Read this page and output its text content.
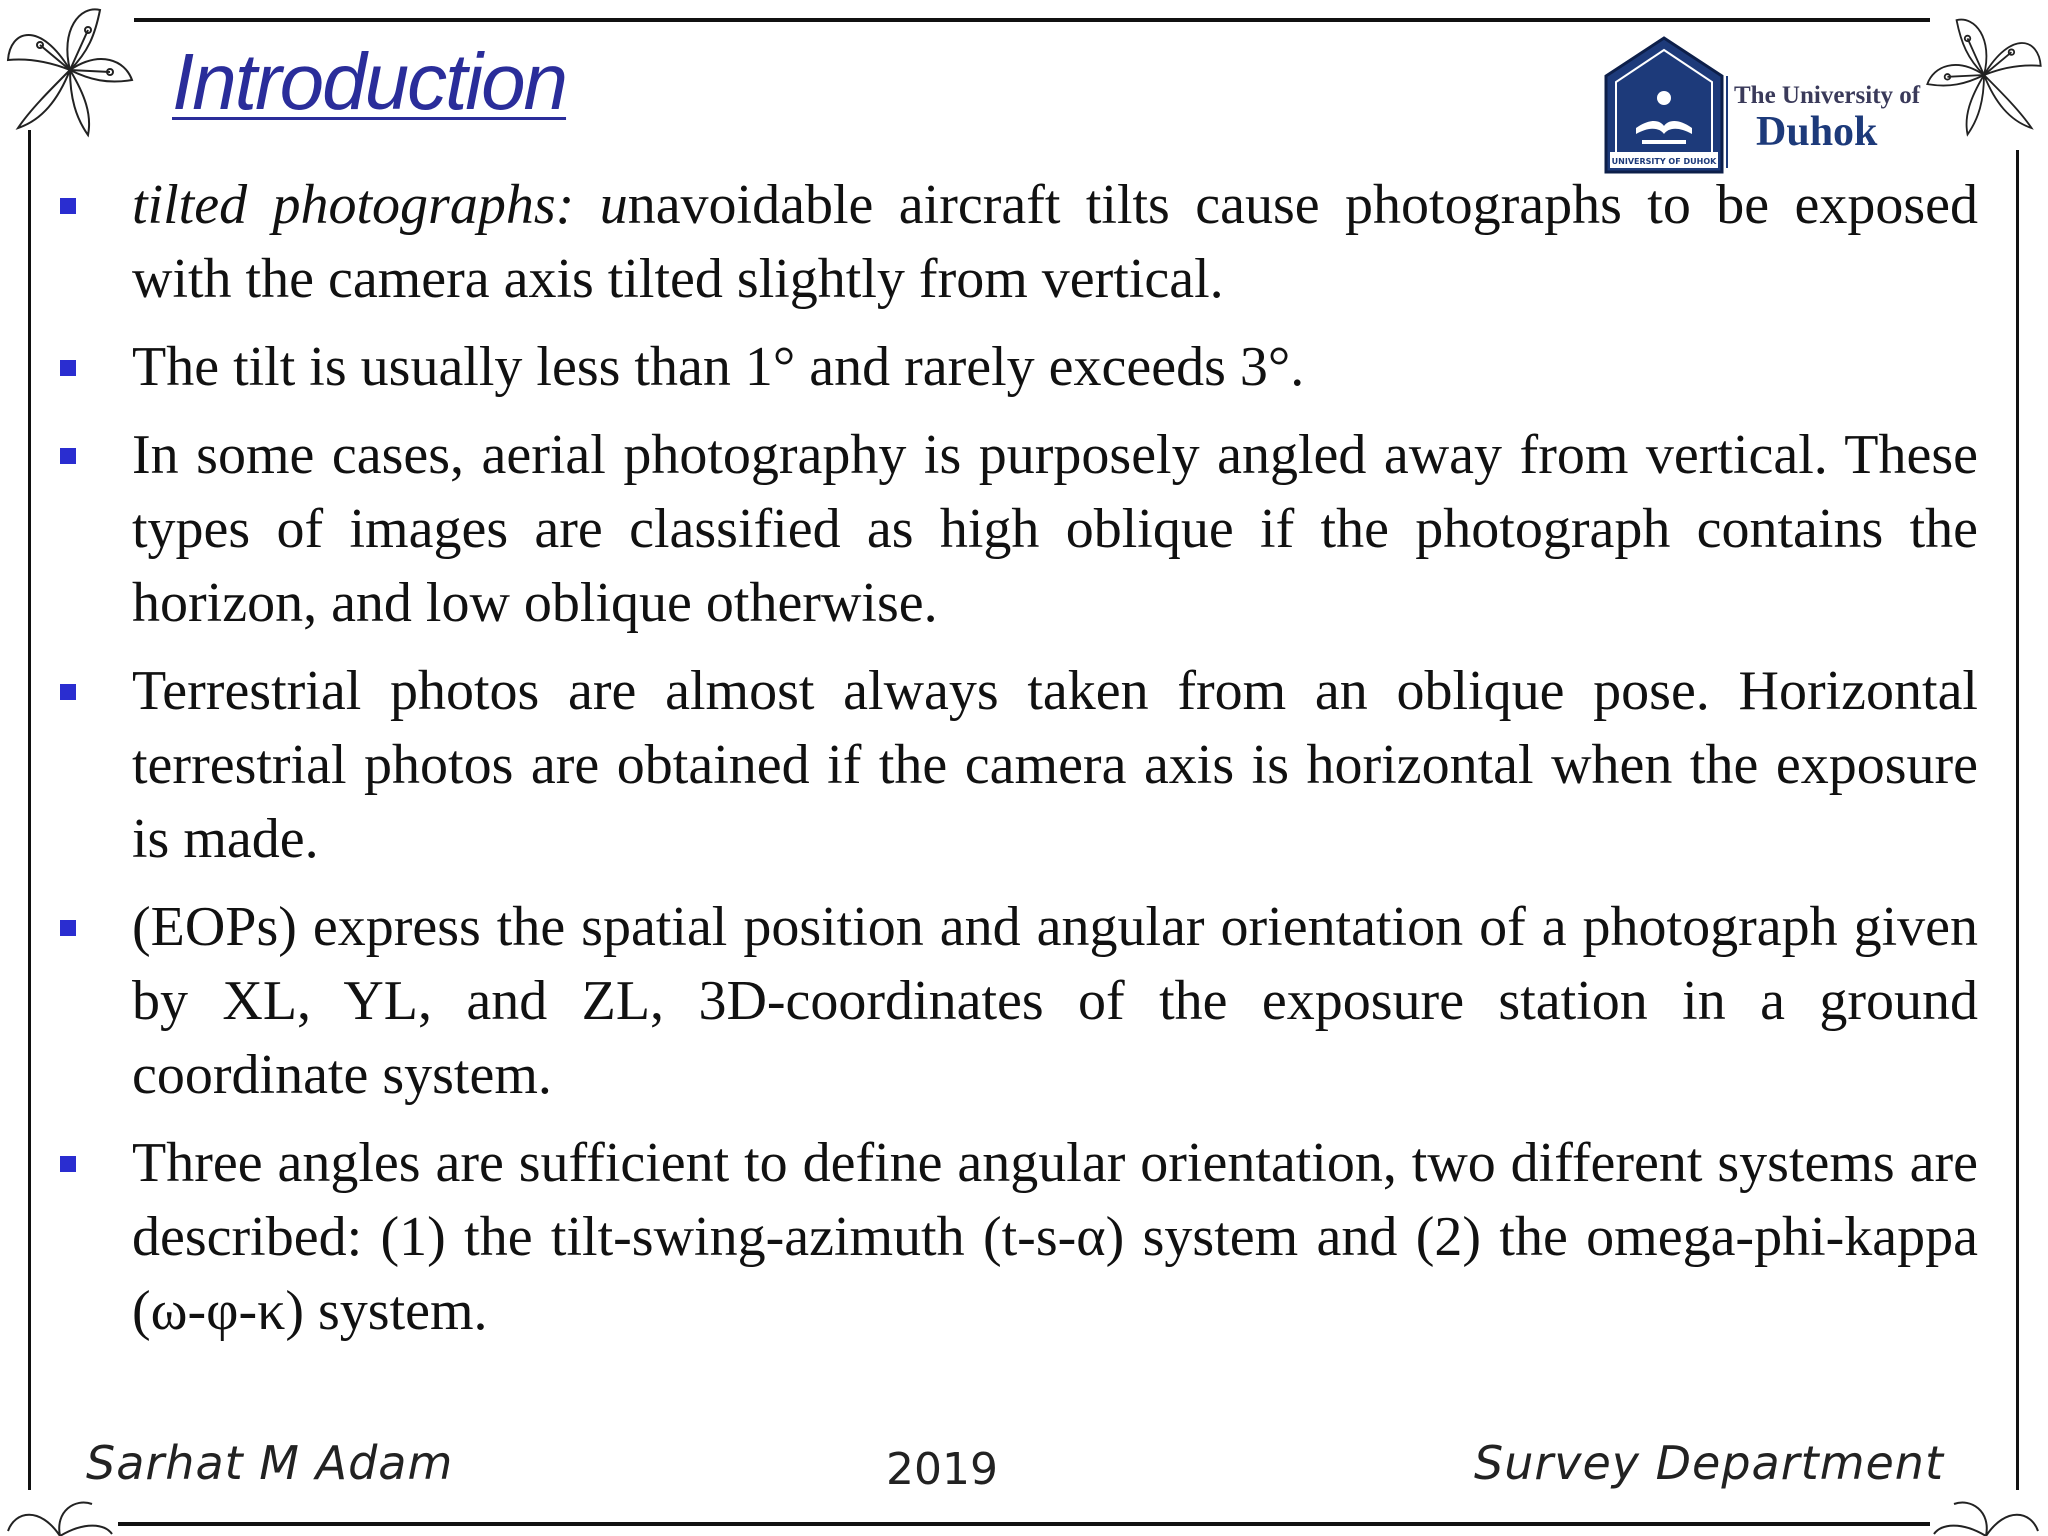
Introduction
UNIVERSITY OF DUHOK
The University of
Duhok

tilted photographs: unavoidable aircraft tilts cause photographs to be exposed with the camera axis tilted slightly from vertical.

The tilt is usually less than 1° and rarely exceeds 3°.

In some cases, aerial photography is purposely angled away from vertical. These types of images are classified as high oblique if the photograph contains the horizon, and low oblique otherwise.

Terrestrial photos are almost always taken from an oblique pose. Horizontal terrestrial photos are obtained if the camera axis is horizontal when the exposure is made.

(EOPs) express the spatial position and angular orientation of a photograph given by XL, YL, and ZL, 3D-coordinates of the exposure station in a ground coordinate system.

Three angles are sufficient to define angular orientation, two different systems are described: (1) the tilt-swing-azimuth (t-s-α) system and (2) the omega-phi-kappa (ω-φ-κ) system.

Sarhat M Adam	2019	Survey Department
